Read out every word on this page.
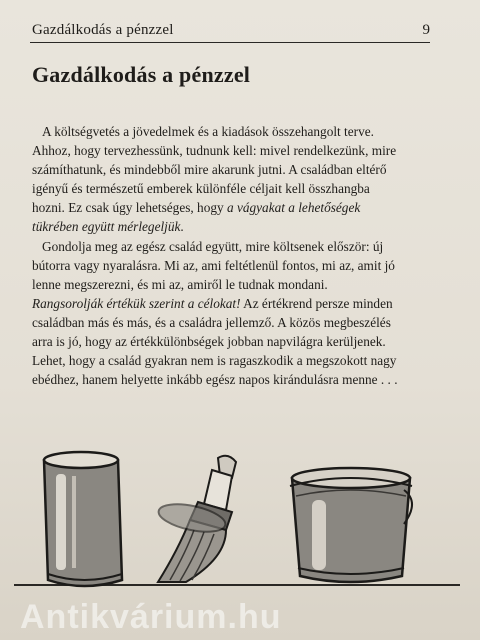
Gazdálkodás a pénzzel	9
Gazdálkodás a pénzzel

A költségvetés a jövedelmek és a kiadások összehangolt tervе. Ahhoz, hogy tervezhessünk, tudnunk kell: mivel rendelkezünk, mire számíthatunk, és mindebből mire akarunk jutni. A családban eltérő igényű és természetű emberek különféle céljait kell összhangba hozni. Ez csak úgy lehetséges, hogy a vágyakat a lehetőségek tükrében együtt mérlegeljük.

Gondolja meg az egész család együtt, mire költsenek először: új bútorra vagy nyaralásra. Mi az, ami feltétlenül fontos, mi az, amit jó lenne megszerezni, és mi az, amiről le tudnak mondani. Rangsorolják értékük szerint a célokat! Az értékrend persze minden családban más és más, és a családra jellemző. A közös megbeszélés arra is jó, hogy az értékkülönbségek jobban napvilágra kerüljenek. Lehet, hogy a család gyakran nem is ragaszkodik a megszokott nagy ebédhez, hanem helyette inkább egész napos kirándulásra menne . . .

Antikvárium.hu
